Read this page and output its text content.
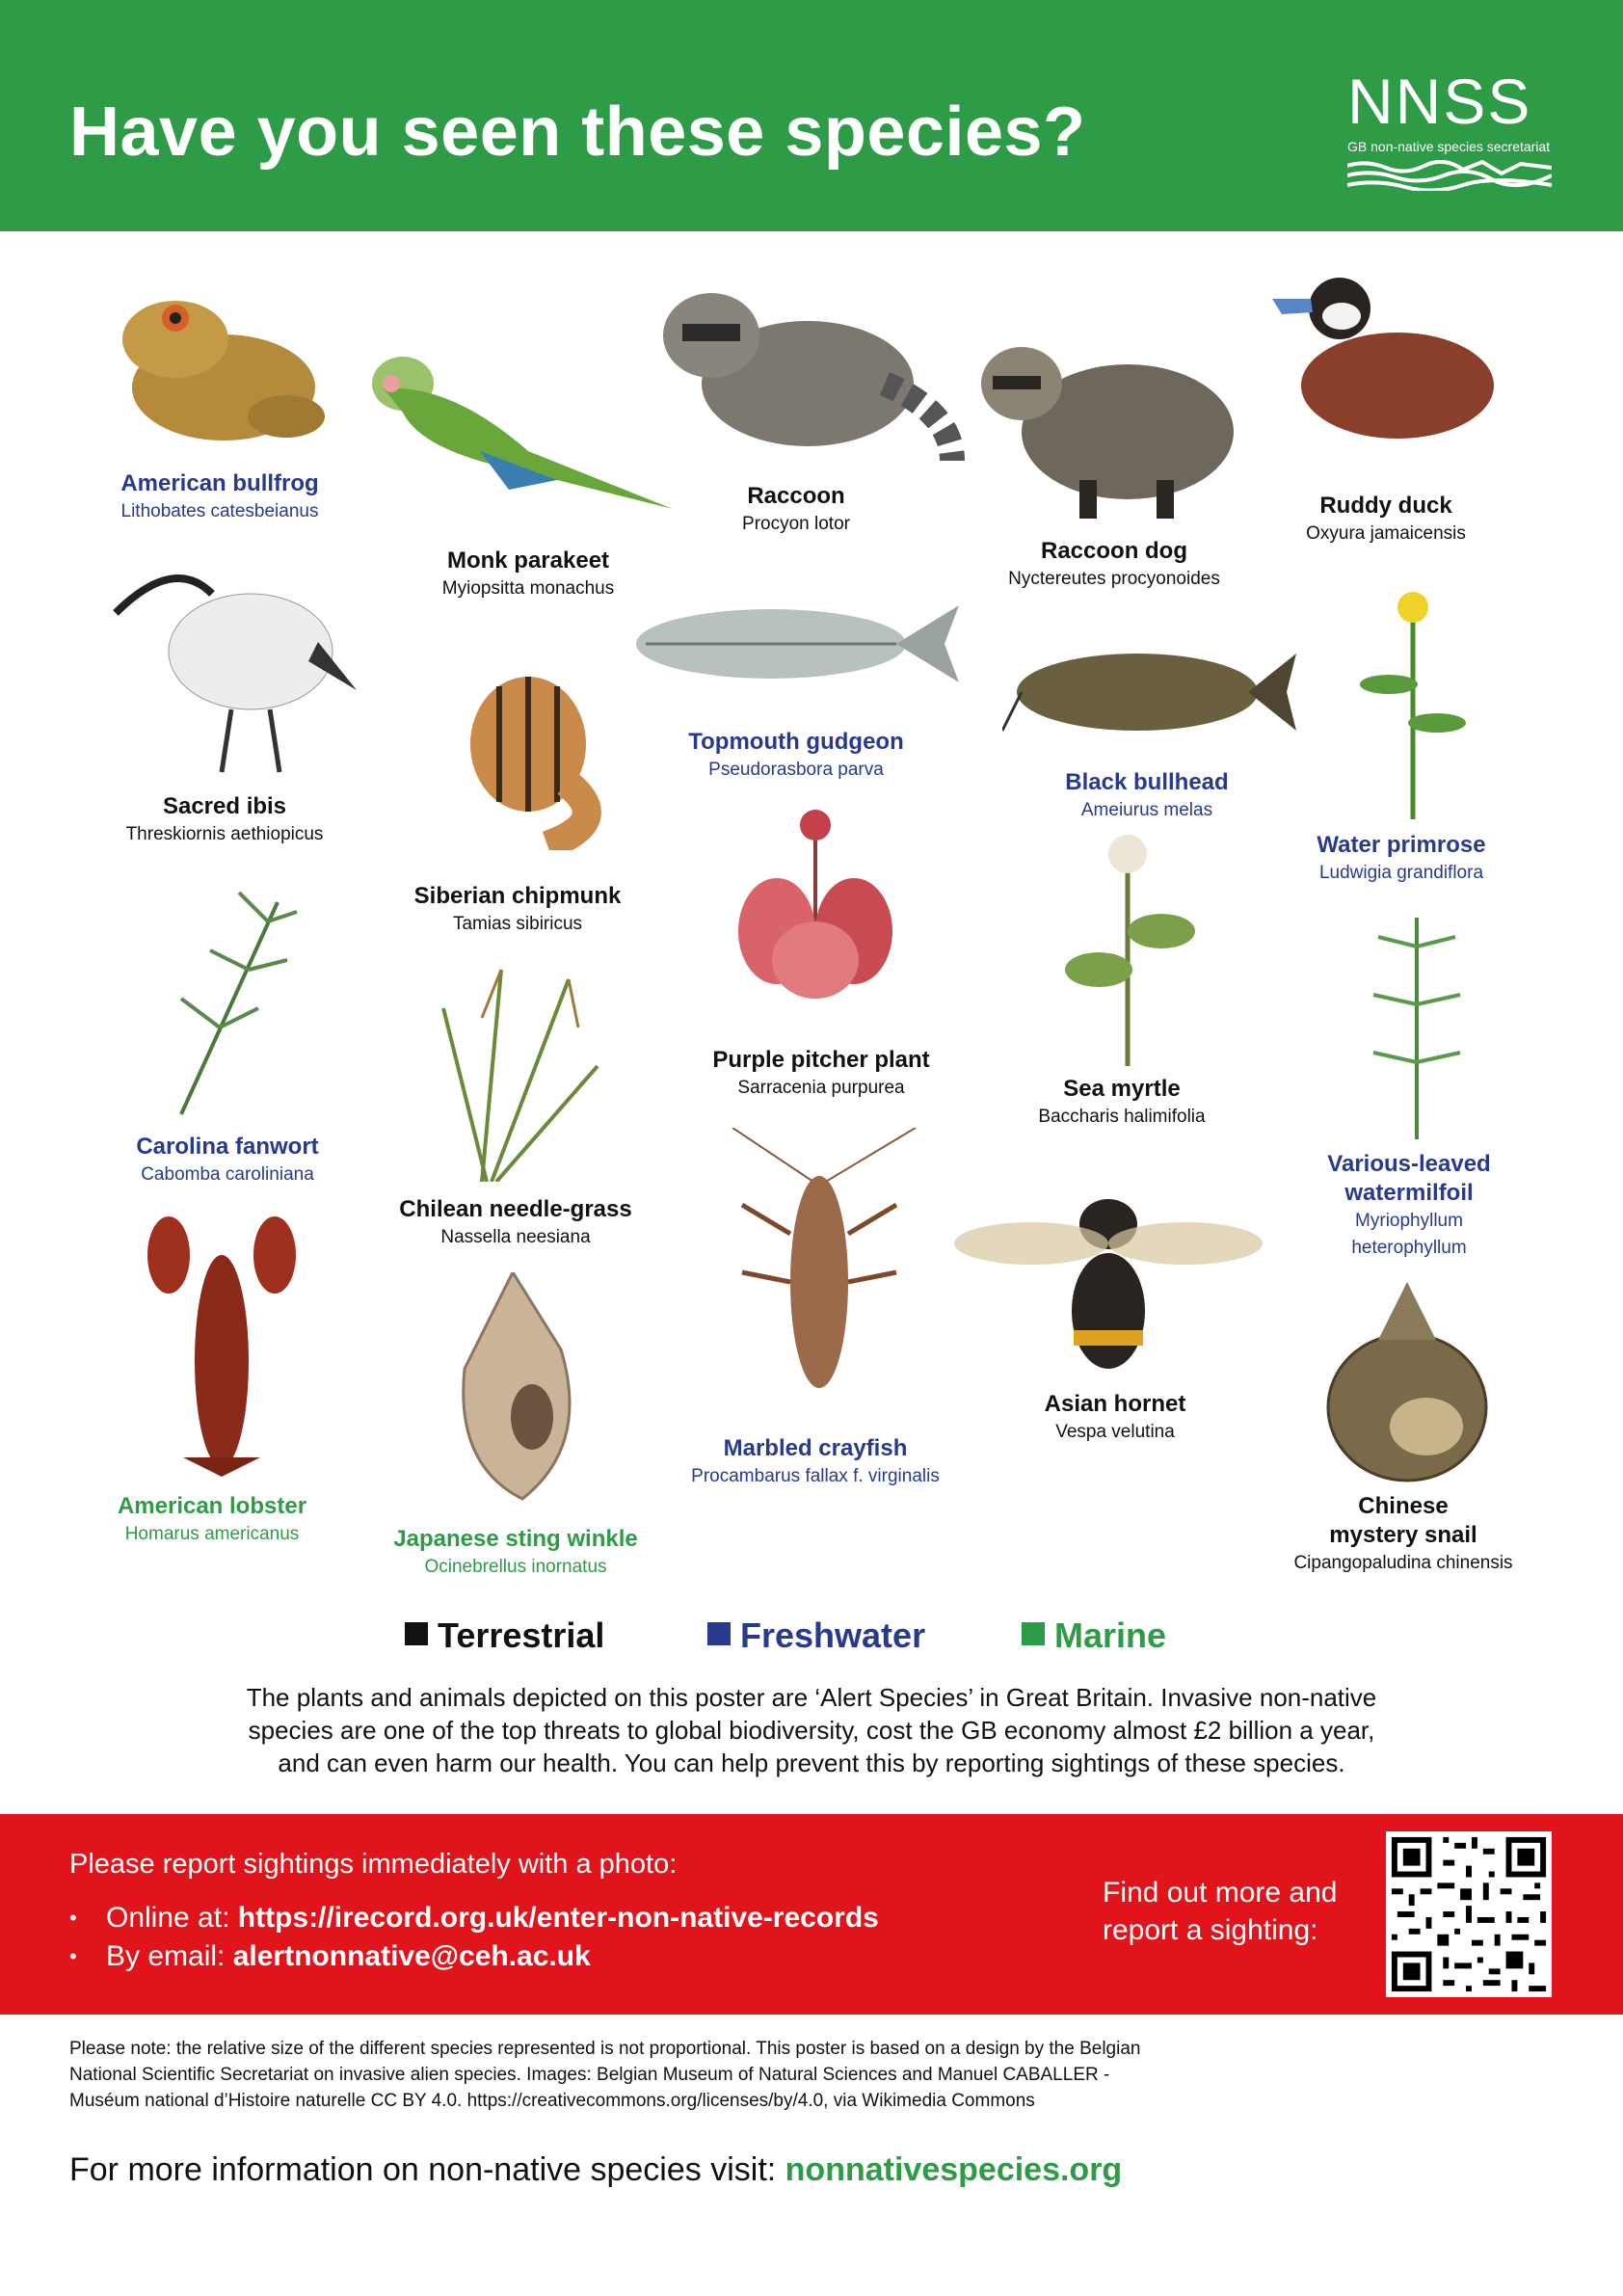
Have you seen these species?	NNSS
GB non-native species secretariat
American bullfrog
Lithobates catesbeianus
Monk parakeet
Myiopsitta monachus
Raccoon
Procyon lotor
Raccoon dog
Nyctereutes procyonoides
Ruddy duck
Oxyura jamaicensis
Sacred ibis
Threskiornis aethiopicus
Topmouth gudgeon
Pseudorasbora parva	Black bullhead
Ameiurus melas
Water primrose
Ludwigia grandiflora
Siberian chipmunk
Tamias sibiricus
Purple pitcher plant
Sarracenia purpurea	Sea myrtle
Baccharis halimifolia
Carolina fanwort
Cabomba caroliniana
Chilean needle-grass
Nassella neesiana
Various-leaved
watermilfoil
Myriophyllum
heterophyllum
Asian hornet
Vespa velutina
Marbled crayfish
Procambarus fallax f. virginalis
American lobster
Homarus americanus	Japanese sting winkle
Ocinebrellus inornatus
Chinese
mystery snail
Cipangopaludina chinensis
Terrestrial	Freshwater	Marine
The plants and animals depicted on this poster are ‘Alert Species’ in Great Britain. Invasive non-native
species are one of the top threats to global biodiversity, cost the GB economy almost £2 billion a year,
and can even harm our health. You can help prevent this by reporting sightings of these species.
Please report sightings immediately with a photo:
• Online at: https://irecord.org.uk/enter-non-native-records
• By email: alertnonnative@ceh.ac.uk
Find out more and
report a sighting:
Please note: the relative size of the different species represented is not proportional. This poster is based on a design by the Belgian
National Scientific Secretariat on invasive alien species. Images: Belgian Museum of Natural Sciences and Manuel CABALLER -
Muséum national d’Histoire naturelle CC BY 4.0. https://creativecommons.org/licenses/by/4.0, via Wikimedia Commons
For more information on non-native species visit: nonnativespecies.org
